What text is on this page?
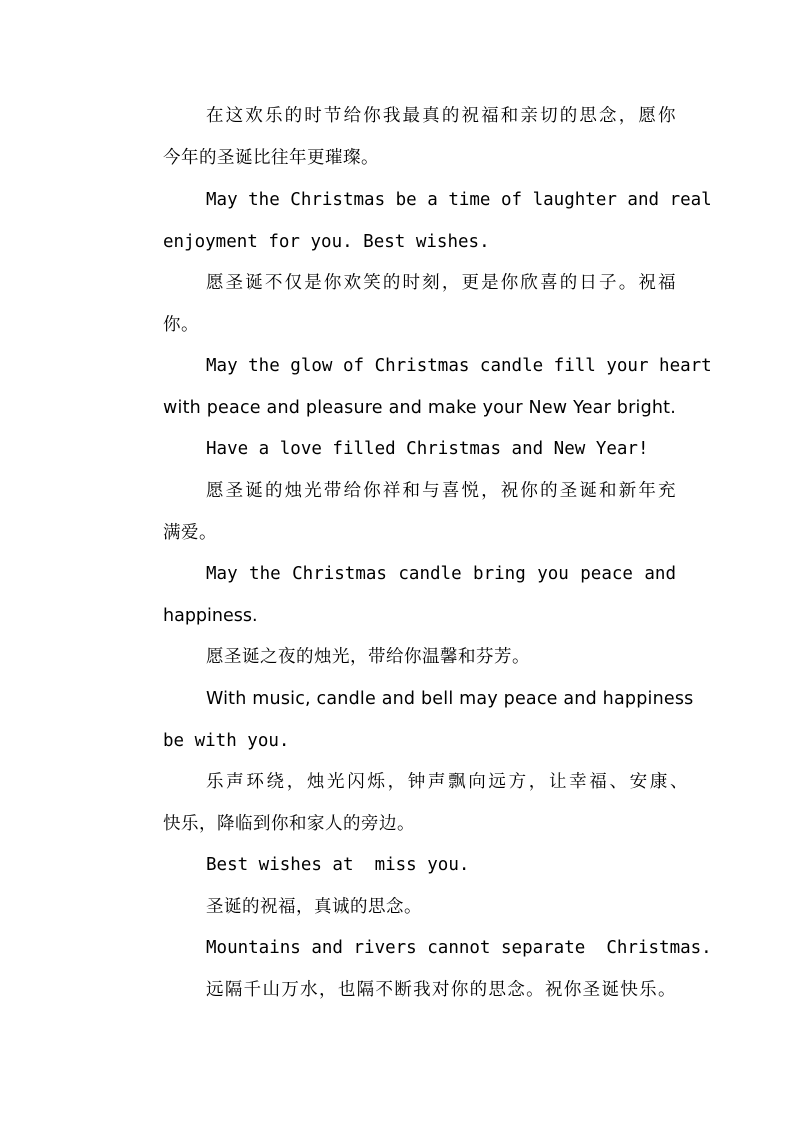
在这欢乐的时节给你我最真的祝福和亲切的思念，愿你
今年的圣诞比往年更璀璨。
May the Christmas be a time of laughter and real
enjoyment for you. Best wishes.
愿圣诞不仅是你欢笑的时刻，更是你欣喜的日子。祝福
你。
May the glow of Christmas candle fill your heart
with peace and pleasure and make your New Year bright.
Have a love filled Christmas and New Year!
愿圣诞的烛光带给你祥和与喜悦，祝你的圣诞和新年充
满爱。
May the Christmas candle bring you peace and
happiness.
愿圣诞之夜的烛光，带给你温馨和芬芳。
With music, candle and bell may peace and happiness
be with you.
乐声环绕，烛光闪烁，钟声飘向远方，让幸福、安康、
快乐，降临到你和家人的旁边。
Best wishes at  miss you.
圣诞的祝福，真诚的思念。
Mountains and rivers cannot separate  Christmas.
远隔千山万水，也隔不断我对你的思念。祝你圣诞快乐。
